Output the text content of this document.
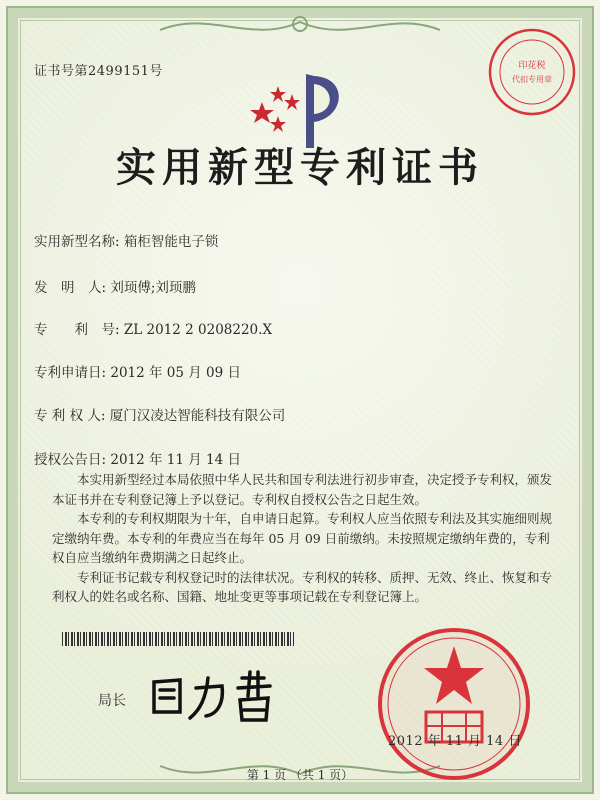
证书号第2499151号	印花税
代扣专用章
实用新型专利证书
实用新型名称: 箱柜智能电子锁
发　明　人: 刘顼傅;刘顼鹏
专　　利　号: ZL 2012 2 0208220.X
专利申请日: 2012 年 05 月 09 日
专 利 权 人: 厦门汉凌达智能科技有限公司
授权公告日: 2012 年 11 月 14 日

本实用新型经过本局依照中华人民共和国专利法进行初步审查，决定授予专利权，颁发本证书并在专利登记簿上予以登记。专利权自授权公告之日起生效。

本专利的专利权期限为十年，自申请日起算。专利权人应当依照专利法及其实施细则规定缴纳年费。本专利的年费应当在每年 05 月 09 日前缴纳。未按照规定缴纳年费的，专利权自应当缴纳年费期满之日起终止。

专利证书记载专利权登记时的法律状况。专利权的转移、质押、无效、终止、恢复和专利权人的姓名或名称、国籍、地址变更等事项记载在专利登记簿上。

局长
2012 年 11 月 14 日
第 1 页 （共 1 页）
